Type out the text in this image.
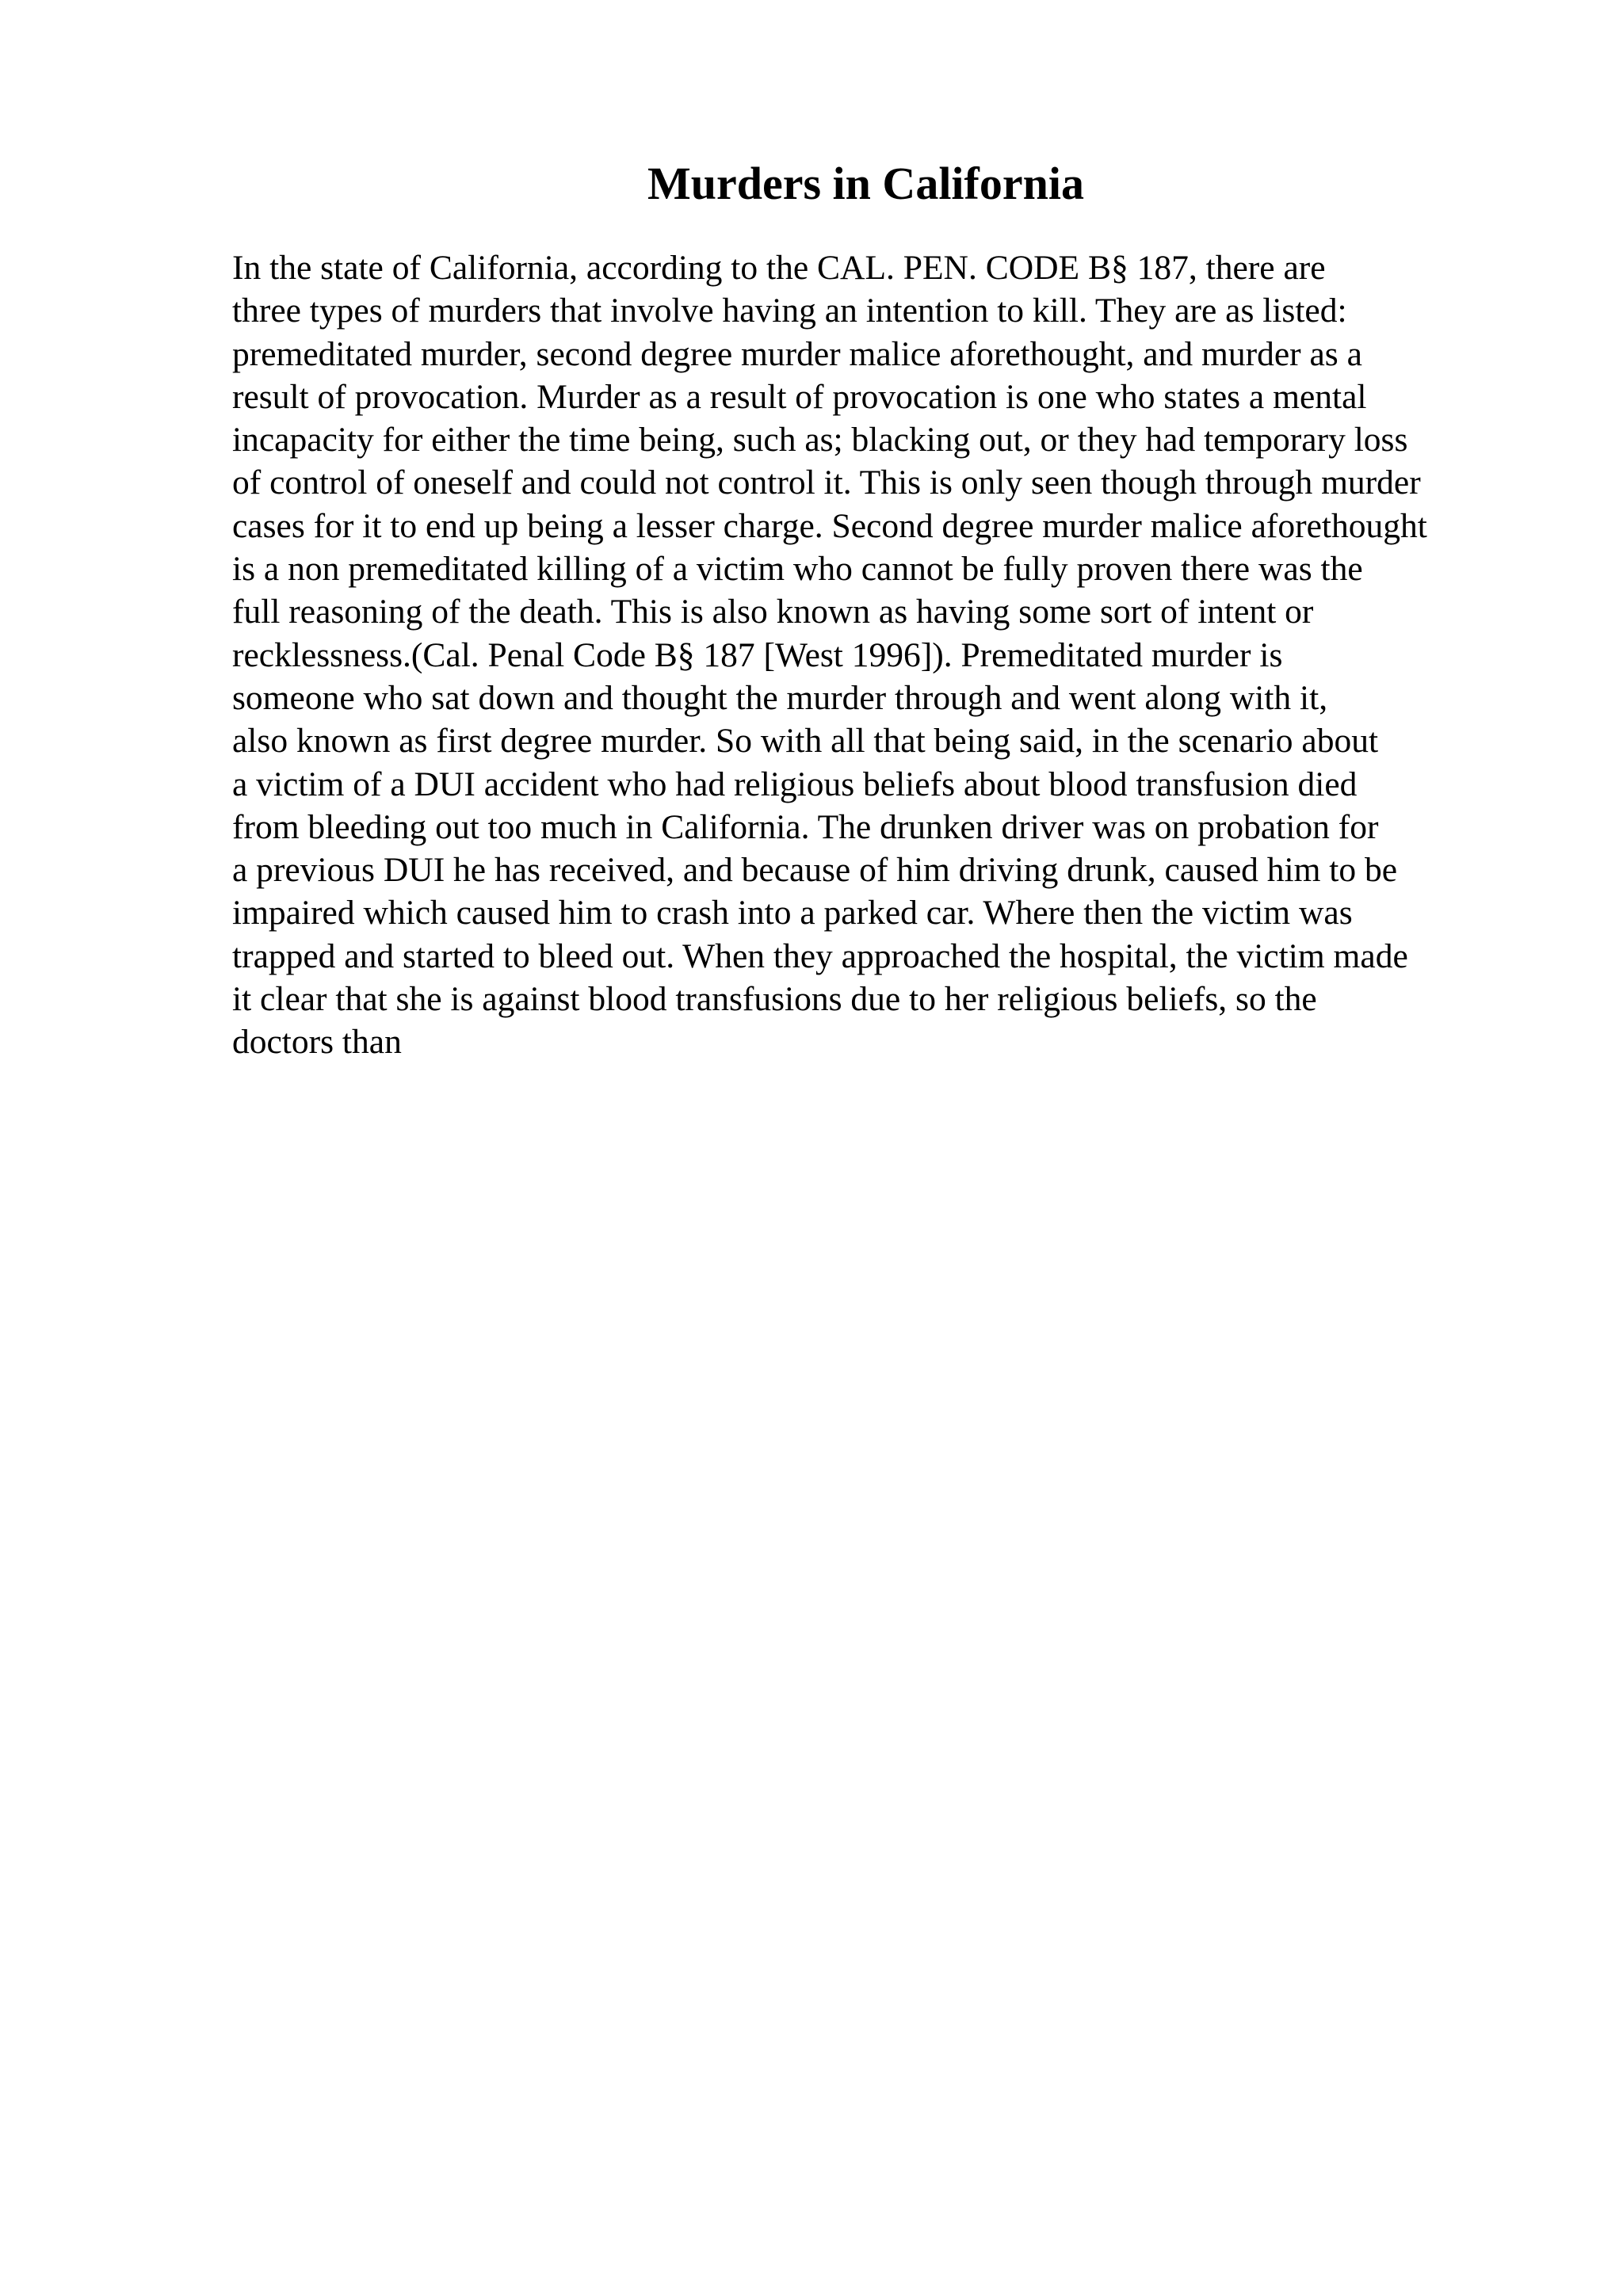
Murders in California
In the state of California, according to the CAL. PEN. CODE B§ 187, there are
three types of murders that involve having an intention to kill. They are as listed:
premeditated murder, second degree murder malice aforethought, and murder as a
result of provocation. Murder as a result of provocation is one who states a mental
incapacity for either the time being, such as; blacking out, or they had temporary loss
of control of oneself and could not control it. This is only seen though through murder
cases for it to end up being a lesser charge. Second degree murder malice aforethought
is a non premeditated killing of a victim who cannot be fully proven there was the
full reasoning of the death. This is also known as having some sort of intent or
recklessness.(Cal. Penal Code B§ 187 [West 1996]). Premeditated murder is
someone who sat down and thought the murder through and went along with it,
also known as first degree murder. So with all that being said, in the scenario about
a victim of a DUI accident who had religious beliefs about blood transfusion died
from bleeding out too much in California. The drunken driver was on probation for
a previous DUI he has received, and because of him driving drunk, caused him to be
impaired which caused him to crash into a parked car. Where then the victim was
trapped and started to bleed out. When they approached the hospital, the victim made
it clear that she is against blood transfusions due to her religious beliefs, so the
doctors than
